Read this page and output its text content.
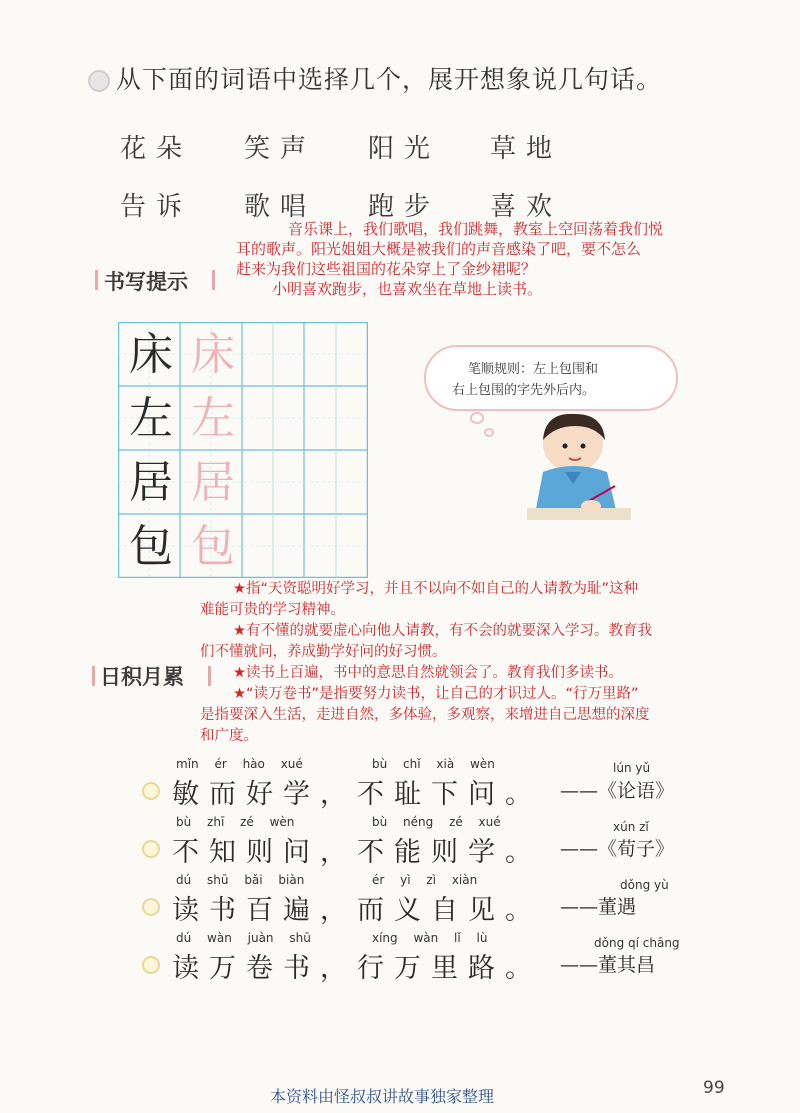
从下面的词语中选择几个，展开想象说几句话。
花朵 笑声 阳光 草地
告诉 歌唱 跑步 喜欢
音乐课上，我们歌唱，我们跳舞，教室上空回荡着我们悦
耳的歌声。阳光姐姐大概是被我们的声音感染了吧，要不怎么
赶来为我们这些祖国的花朵穿上了金纱裙呢？
小明喜欢跑步，也喜欢坐在草地上读书。
书写提示
床 床
左 左
居 居
包 包
笔顺规则：左上包围和
右上包围的字先外后内。
★指“天资聪明好学习，并且不以向不如自己的人请教为耻”这种
难能可贵的学习精神。
★有不懂的就要虚心向他人请教，有不会的就要深入学习。教育我
们不懂就问，养成勤学好问的好习惯。
★读书上百遍，书中的意思自然就领会了。教育我们多读书。
★“读万卷书”是指要努力读书，让自己的才识过人。“行万里路”
是指要深入生活，走进自然，多体验，多观察，来增进自己思想的深度
和广度。
日积月累
mǐn ér hào xué	bù chǐ xià wèn	lún yǔ
敏而好学，不耻下问。 ——《论语》
bù zhī zé wèn	bù néng zé xué	xún zǐ
不知则问，不能则学。 ——《荀子》
dú shū bǎi biàn	ér yì zì xiàn	dǒng yù
读书百遍，而义自见。 ——董遇
dú wàn juàn shū	xíng wàn lǐ lù	dǒng qí chāng
读万卷书，行万里路。 ——董其昌
本资料由怪叔叔讲故事独家整理	99
